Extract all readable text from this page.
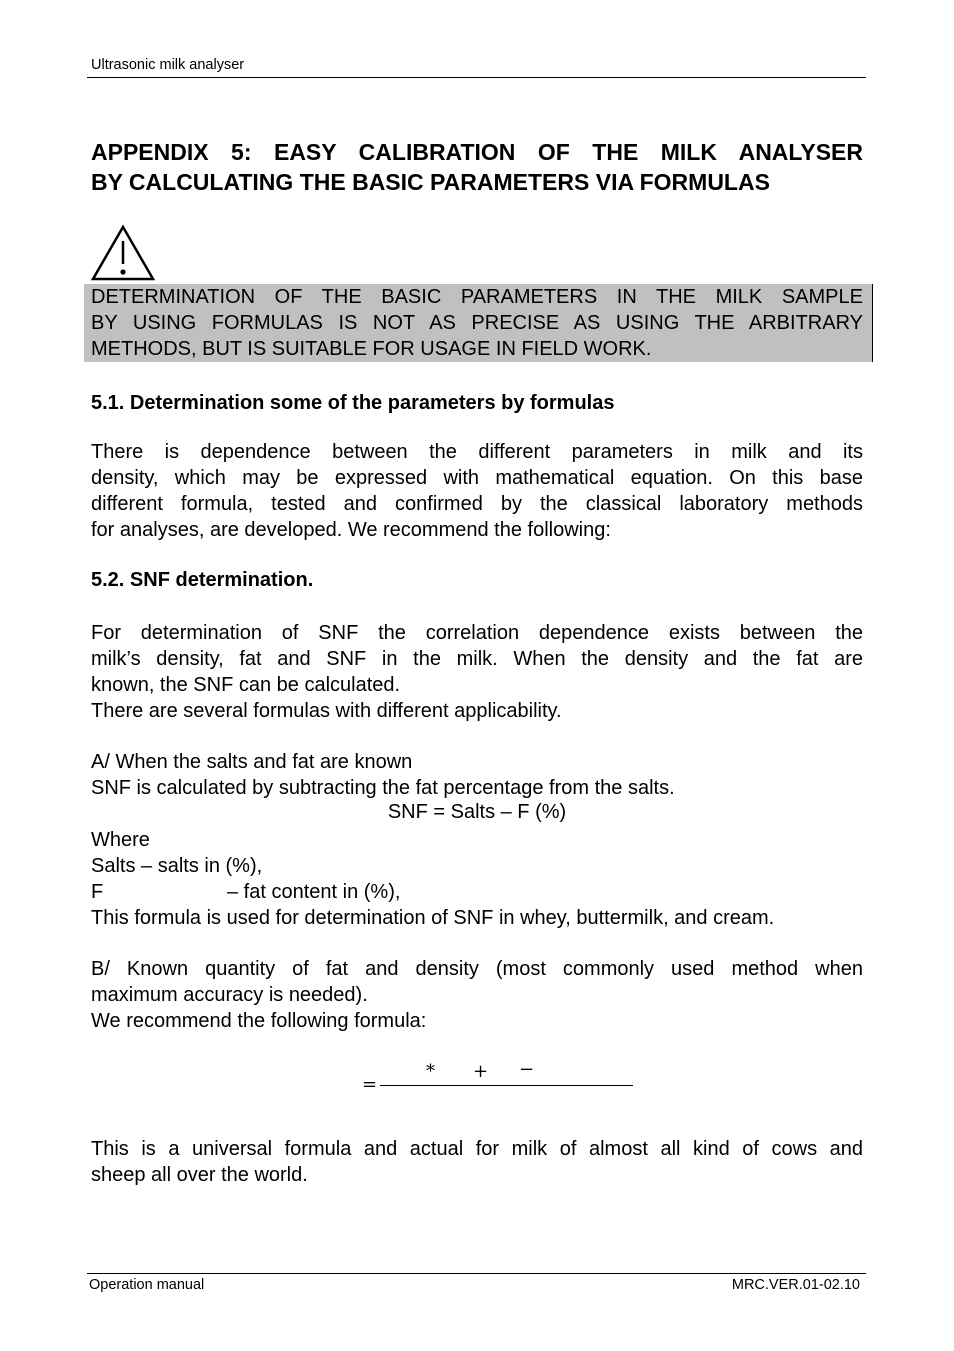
Ultrasonic milk analyser
APPENDIX 5: EASY CALIBRATION OF THE MILK ANALYSER
BY CALCULATING THE BASIC PARAMETERS VIA FORMULAS
DETERMINATION OF THE BASIC PARAMETERS IN THE MILK SAMPLE
BY USING FORMULAS IS NOT AS PRECISE AS USING THE ARBITRARY
METHODS, BUT IS SUITABLE FOR USAGE IN FIELD WORK.
5.1. Determination some of the parameters by formulas
There is dependence between the different parameters in milk and its
density, which may be expressed with mathematical equation. On this base
different formula, tested and confirmed by the classical laboratory methods
for analyses, are developed. We recommend the following:
5.2. SNF determination.
For determination of SNF the correlation dependence exists between the
milk’s density, fat and SNF in the milk. When the density and the fat are
known, the SNF can be calculated.
There are several formulas with different applicability.
A/ When the salts and fat are known
SNF is calculated by subtracting the fat percentage from the salts.
SNF = Salts – F (%)
Where
Salts – salts in (%),
F	– fat content in (%),
This formula is used for determination of SNF in whey, buttermilk, and cream.
B/ Known quantity of fat and density (most commonly used method when
maximum accuracy is needed).
We recommend the following formula:
=
* + −
This is a universal formula and actual for milk of almost all kind of cows and
sheep all over the world.
Operation manual	MRC.VER.01-02.10
